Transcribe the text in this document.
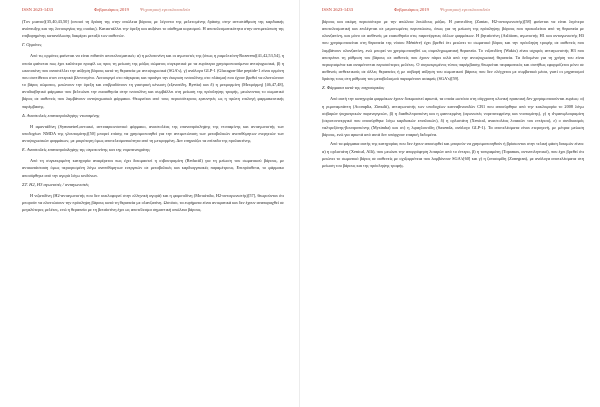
ISSN 2623-1433	Φεβρουάριος 2019 Ψυχιατρική εγκυκλοπαιδεία

(Tον μιανσε)[35,40,43,50] (οποιοί τη δράση της στην απώλεια βάρους με λέγοντα της μελετομένης δράσης στην αντιστάθμιση της καρδιακής ανάπτυξης και της λειτουργίας της ουσίας). Καταστάλλει την όρεξη και αυξάνει το αίσθημα κορεσμού. Η αποτελεσματικότητα στην αντιμετώπιση της επιβαρημένης κατανάλωσης διαφέρει μεταξύ των ασθενών.

Γ. Ορμόνες

Από τις ορμόνες φαίνεται να είναι πιθανόν αποτελεσματικές: α) η μελατονίνη και οι αγωνιστές της (όπως η ραμελτεόνη-Rozerem)[41,42,53,54], η οποία φαίνεται πως έχει καλύτερο προφίλ ως προς τη μείωση της μάζας σώματος συγκριτικά με τα ευρύτερα χρησιμοποιούμενα αντιψυχωσικά, β) η ωκυτοκίνη που αναστέλλει την αύξηση βάρους κατά τη θεραπεία με αντιψυχωσικά (SGA's), γ) ανάλογα GLP-1 (Glucagon-like peptide-1 είναι ορμόνη που συντίθεται στον εντερικό βλεννογόνο. Λειτουργεί στο πάγκρεας και προάγει την έκκριση ινσουλίνης στο πλάσμα) που έχουν βρεθεί να ελαττώνουν το βάρος σώματος, μειώνουν την όρεξη και επιβραδύνουν τη γαστρική κένωση (εξενατίδη, Byetta) και δ) η μετφορμίνη (Μετφόρμη) [46,47,48], αντιδιαβητικό φάρμακο που βελτιώνει την ευαισθησία στην ινσουλίνη και συμβάλλει στη μείωση της πρόσληψης τροφής, μειώνοντας το σωματικό βάρος σε ασθενείς που λαμβάνουν αντιψυχωσικά φάρμακα. Θεωρείται από τους περισσότερους ερευνητές ως η πρώτη επιλογή φαρμακευτικής παρέμβασης.

Δ. Αναστολείς επαναπρόσληψης ντοπαμίνης

Η αμαντάδίνη (Symmetrel,αντιιικό, αντιπαρκινσονικό φάρμακο, αναστολέας της επαναπρόσληψης της ντοπαμίνης και ανταγωνιστής των υποδοχέων NMDA της γλουταμίνης)[50] μπορεί επίσης να χρησιμοποιηθεί για την αντιμετώπιση των μεταβολικών ανεπιθύμητων ενεργειών των αντιψυχωσικών φαρμάκων, με μικρότερη όμως αποτελεσματικότητα από τη μετφορμίνη. Δεν επηρεάζει τα επίπεδα της προλακτίνης.

Ε. Αναστολείς επαναπρόσληψης της σεροτονίνης και της νορεπινεφρίνης

Από τη συγκεκριμένη κατηγορία αναφέρεται πως έχει δοκιμαστεί η σιβουτραμίνη (Reductil) για τη μείωση του σωματικού βάρους, με αντικατάσταση όμως περιορισμένη λόγω ανεπιθύμητων ενεργειών σε μεταβολικές και καρδιαγγειακές παραμέτρους. Επιπρόσθετα, το φάρμακο αποσύρθηκε από την αγορά λόγω κινδύνων.

ΣΤ. Η2, Η3 αγωνιστές / ανταγωνιστές

Η νιζατιδίνη (H2-ανταγωνιστής που δεν κυκλοφορεί στην ελληνική αγορά) και η φαμοτιδίνη (Μοτιάτιδα, H2-ανταγωνιστής)[57], θεωρούνται ότι μπορούν να ελαττώσουν την πρόσληψη βάρους κατά τη θεραπεία με ολανζαπίνη. Ωστόσο, τα ευρήματα είναι αντιφατικά και δεν έχουν αναπαραχθεί σε μεγαλύτερες μελέτες, ενώ η θεραπεία με τη βεταϊστίνη έχει ως αποτέλεσμα σημαντική απώλεια βάρους.

ISSN 2623-1433	Φεβρουάριος 2019 Ψυχιατρική εγκυκλοπαιδεία

βάρους και ακόμη περισσότερο με την απώλεια λιπώδους μάζας. Η ρανιτιδίνη (Zantac, H2-ανταγωνιστής)[58] φαίνεται να είναι λιγότερο αποτελεσματική και επιλέγεται σε μεμονωμένες περιπτώσεις, όπως για τη μείωση της πρόσληψης βάρους που προκαλείται από τη θεραπεία με ολανζαπίνη, και μόνο σε ασθενείς με ευαισθησία στις παρενέργειες άλλων φαρμάκων. Η βηταϊστίνη (Aslitiom, αγωνιστής H1 και ανταγωνιστής H3 που χρησιμοποιείται στη θεραπεία της νόσου Ménière) έχει βρεθεί ότι μειώνει το σωματικό βάρος και την πρόσληψη τροφής σε ασθενείς που λαμβάνουν ολανζαπίνη, ενώ μπορεί να χρησιμοποιηθεί ως συμπληρωματική θεραπεία. Το νιζατιδίνη (Wakix) είναι ισχυρός ανταγωνιστής H3 που αποτρέπει τη ρύθμιση του βάρους σε ασθενείς που έχουν πάρει κιλά από την αντιψυχωσική θεραπεία. Τα δεδομένα για τη χρήση του είναι περιορισμένα και αναμένονται περισσότερες μελέτες. Ο συγκεκριμένος τύπος παρέμβασης θεωρείται πειραματικός και συνήθως εφαρμόζεται μόνο σε ασθενείς ανθεκτικούς σε άλλες θεραπείες ή με σοβαρή αύξηση του σωματικού βάρους που δεν ελέγχεται με συμβατικά μέσα, γιατί οι μηχανισμοί δράσης τους στη ρύθμιση του μεταβολισμού παραμένουν ασαφείς (SGA's)[59].

Ζ. Φάρμακα κατά της παχυσαρκίας

Από αυτή την κατηγορία φαρμάκων έχουν δοκιμαστεί αρκετά, τα οποία ωστόσο στη σύγχρονη κλινική πρακτική δεν χρησιμοποιούνται ευρέως: α) η ριμοναμπάντη (Acomplia, Zimulti), ανταγωνιστής των υποδοχέων κανναβινοειδών CB1 που αποσύρθηκε από την κυκλοφορία το 2008 λόγω σοβαρών ψυχιατρικών παρενεργειών, β) η διαιθυλπροπιόνη και η φαιντερμίνη (αγωνιστές νορεπινεφρίνης και ντοπαμίνης), γ) η d-φαινφλουραμίνη (σεροτονινεργικό που αποσύρθηκε λόγω καρδιακών επιπλοκών), δ) η ορλιστάτη (Xenical, αναστολέας λιπασών του εντέρου), ε) ο συνδυασμός ναλτρεξόνης-βουπροπιόνης (Mysimba) και στ) η λιραγλουτίδη (Saxenda, ανάλογο GLP-1). Τα αποτελέσματα είναι ετερογενή, με μέτρια μείωση βάρους, ενώ για αρκετά από αυτά δεν υπάρχουν επαρκή δεδομένα.

Από τα φάρμακα αυτής της κατηγορίας που δεν έχουν αποσυρθεί και μπορούν να χρησιμοποιηθούν ή βρίσκονται στην τελική φάση δοκιμών είναι: α) η ορλιστάτη (Xenical, Alli), που μειώνει την απορρόφηση λιπαρών από το έντερο, β) η τοπιραμάτη (Topamax, αντιεπιληπτικό), που έχει βρεθεί ότι μειώνει το σωματικό βάρος σε ασθενείς με σχιζοφρένεια που λαμβάνουν SGA's[60] και γ) η ζονισαμίδη (Zonegran), με ανάλογα αποτελέσματα στη μείωση του βάρους και της πρόσληψης τροφής.
